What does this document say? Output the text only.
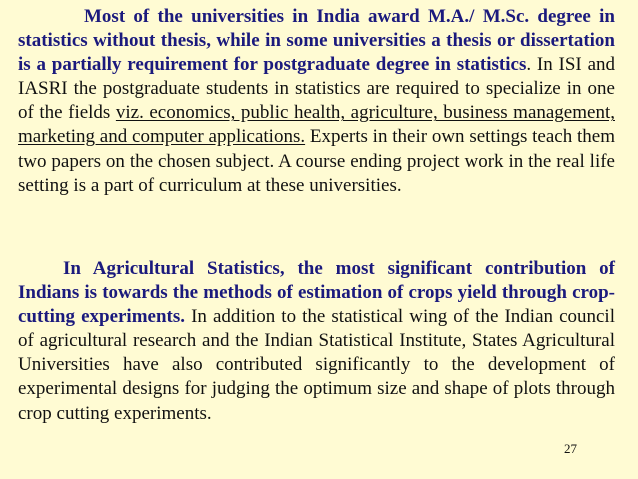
Most of the universities in India award M.A./ M.Sc. degree in statistics without thesis, while in some universities a thesis or dissertation is a partially requirement for postgraduate degree in statistics. In ISI and IASRI the postgraduate students in statistics are required to specialize in one of the fields viz. economics, public health, agriculture, business management, marketing and computer applications. Experts in their own settings teach them two papers on the chosen subject. A course ending project work in the real life setting is a part of curriculum at these universities.

In Agricultural Statistics, the most significant contribution of Indians is towards the methods of estimation of crops yield through crop-cutting experiments. In addition to the statistical wing of the Indian council of agricultural research and the Indian Statistical Institute, States Agricultural Universities have also contributed significantly to the development of experimental designs for judging the optimum size and shape of plots through crop cutting experiments.

27
